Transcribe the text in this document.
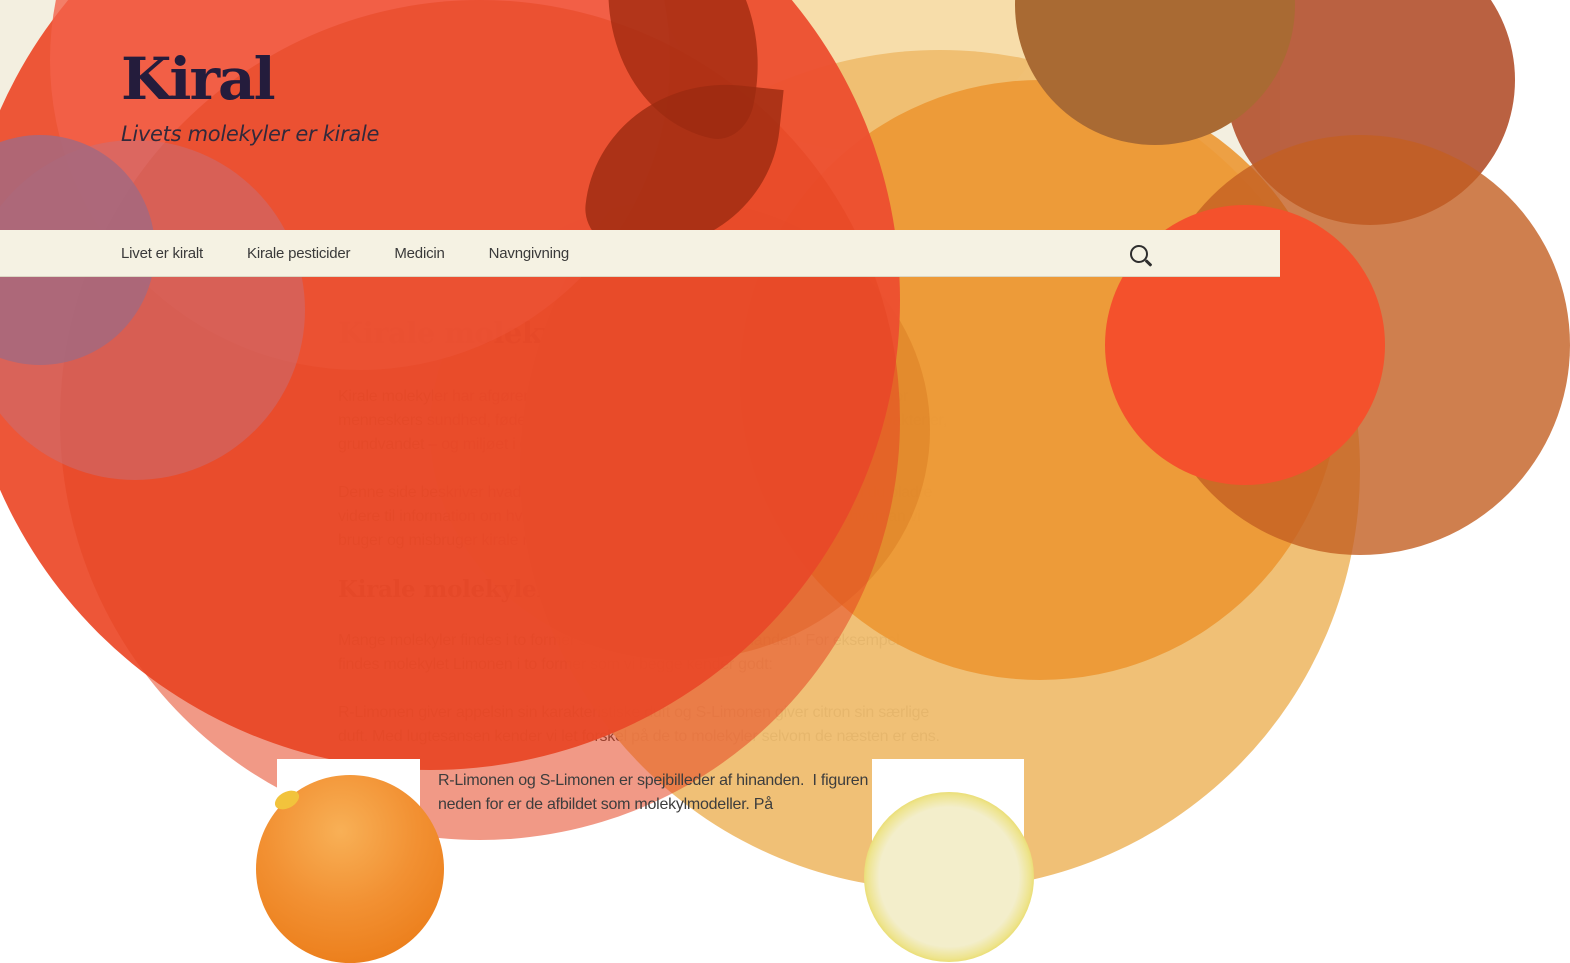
Kiral

Livets molekyler er kirale

Livet er kiralt	Kirale pesticider	Medicin	Navngivning
R-Limonen og S-Limonen er spejbilleder af hinanden.  I figuren
neden for er de afbildet som molekylmodeller. På
